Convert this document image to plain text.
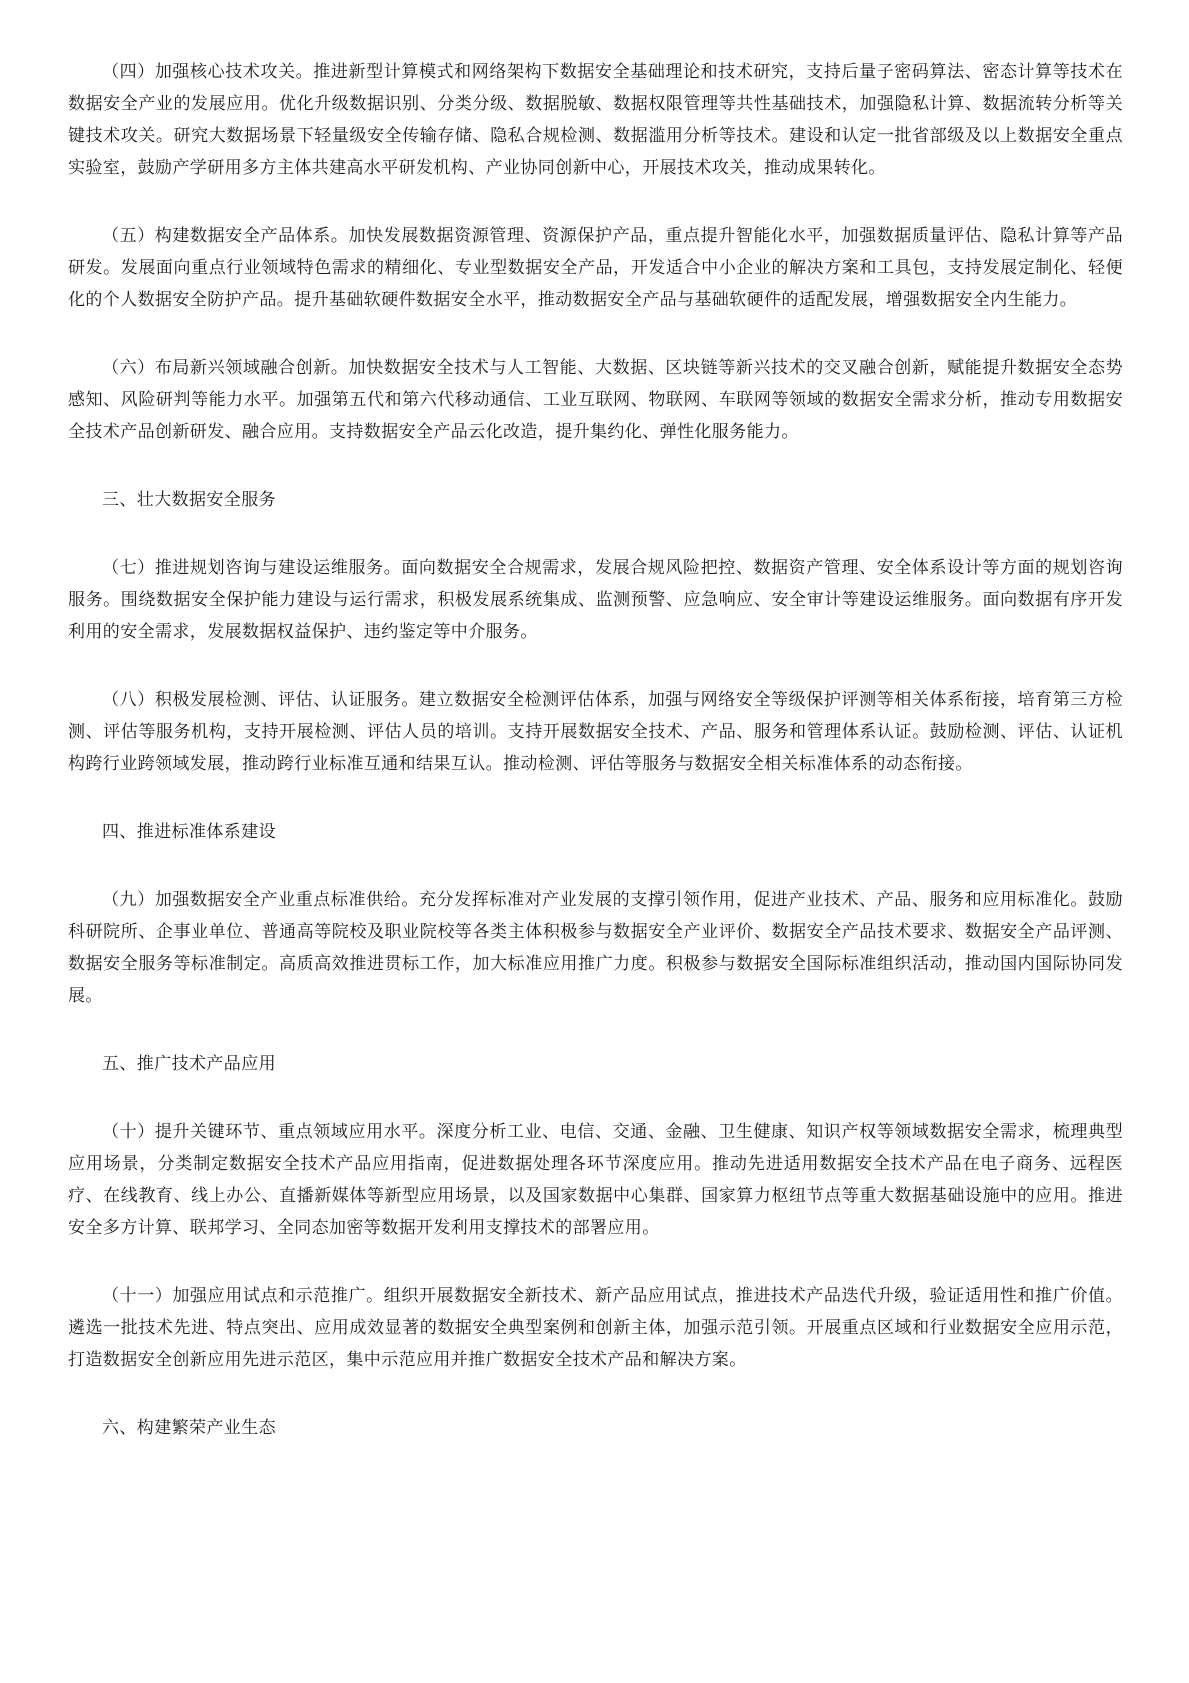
（四）加强核心技术攻关。推进新型计算模式和网络架构下数据安全基础理论和技术研究，支持后量子密码算法、密态计算等技术在数据安全产业的发展应用。优化升级数据识别、分类分级、数据脱敏、数据权限管理等共性基础技术，加强隐私计算、数据流转分析等关键技术攻关。研究大数据场景下轻量级安全传输存储、隐私合规检测、数据滥用分析等技术。建设和认定一批省部级及以上数据安全重点实验室，鼓励产学研用多方主体共建高水平研发机构、产业协同创新中心，开展技术攻关，推动成果转化。

（五）构建数据安全产品体系。加快发展数据资源管理、资源保护产品，重点提升智能化水平，加强数据质量评估、隐私计算等产品研发。发展面向重点行业领域特色需求的精细化、专业型数据安全产品，开发适合中小企业的解决方案和工具包，支持发展定制化、轻便化的个人数据安全防护产品。提升基础软硬件数据安全水平，推动数据安全产品与基础软硬件的适配发展，增强数据安全内生能力。

（六）布局新兴领域融合创新。加快数据安全技术与人工智能、大数据、区块链等新兴技术的交叉融合创新，赋能提升数据安全态势感知、风险研判等能力水平。加强第五代和第六代移动通信、工业互联网、物联网、车联网等领域的数据安全需求分析，推动专用数据安全技术产品创新研发、融合应用。支持数据安全产品云化改造，提升集约化、弹性化服务能力。

三、壮大数据安全服务

（七）推进规划咨询与建设运维服务。面向数据安全合规需求，发展合规风险把控、数据资产管理、安全体系设计等方面的规划咨询服务。围绕数据安全保护能力建设与运行需求，积极发展系统集成、监测预警、应急响应、安全审计等建设运维服务。面向数据有序开发利用的安全需求，发展数据权益保护、违约鉴定等中介服务。

（八）积极发展检测、评估、认证服务。建立数据安全检测评估体系，加强与网络安全等级保护评测等相关体系衔接，培育第三方检测、评估等服务机构，支持开展检测、评估人员的培训。支持开展数据安全技术、产品、服务和管理体系认证。鼓励检测、评估、认证机构跨行业跨领域发展，推动跨行业标准互通和结果互认。推动检测、评估等服务与数据安全相关标准体系的动态衔接。

四、推进标准体系建设

（九）加强数据安全产业重点标准供给。充分发挥标准对产业发展的支撑引领作用，促进产业技术、产品、服务和应用标准化。鼓励科研院所、企事业单位、普通高等院校及职业院校等各类主体积极参与数据安全产业评价、数据安全产品技术要求、数据安全产品评测、数据安全服务等标准制定。高质高效推进贯标工作，加大标准应用推广力度。积极参与数据安全国际标准组织活动，推动国内国际协同发展。

五、推广技术产品应用

（十）提升关键环节、重点领域应用水平。深度分析工业、电信、交通、金融、卫生健康、知识产权等领域数据安全需求，梳理典型应用场景，分类制定数据安全技术产品应用指南，促进数据处理各环节深度应用。推动先进适用数据安全技术产品在电子商务、远程医疗、在线教育、线上办公、直播新媒体等新型应用场景，以及国家数据中心集群、国家算力枢纽节点等重大数据基础设施中的应用。推进安全多方计算、联邦学习、全同态加密等数据开发利用支撑技术的部署应用。

（十一）加强应用试点和示范推广。组织开展数据安全新技术、新产品应用试点，推进技术产品迭代升级，验证适用性和推广价值。遴选一批技术先进、特点突出、应用成效显著的数据安全典型案例和创新主体，加强示范引领。开展重点区域和行业数据安全应用示范，打造数据安全创新应用先进示范区，集中示范应用并推广数据安全技术产品和解决方案。

六、构建繁荣产业生态
